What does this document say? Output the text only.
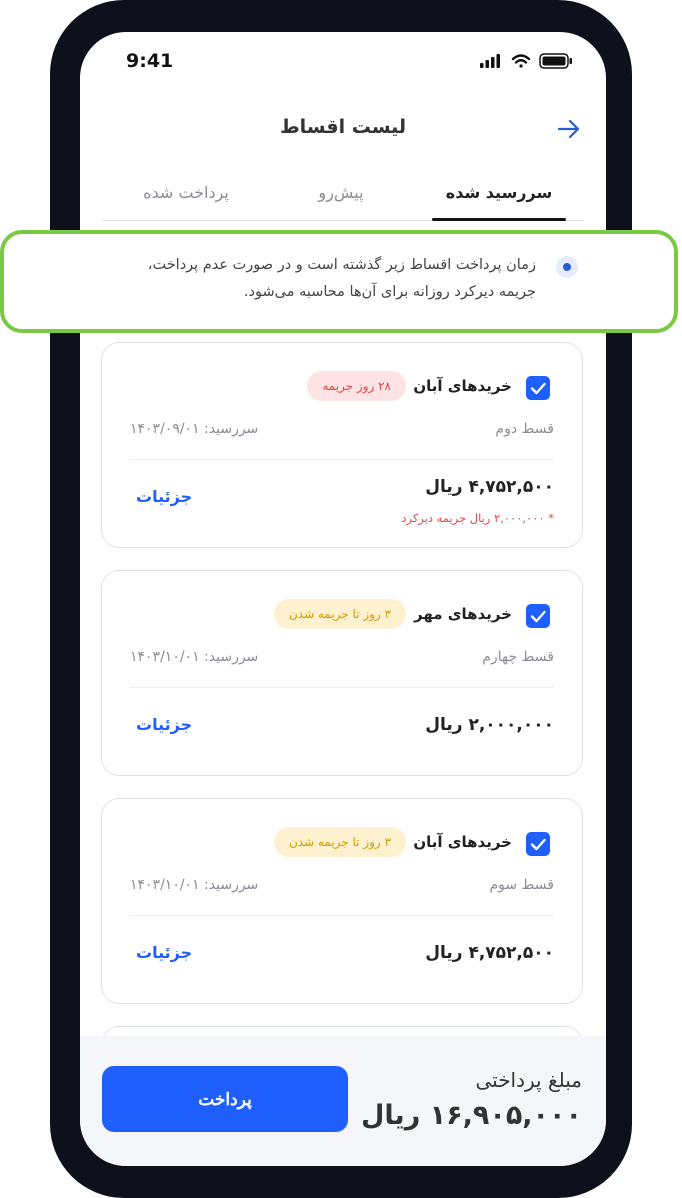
9:41
لیست اقساط
سررسید شده
پیش‌رو
پرداخت شده
خریدهای آبان
۲۸ روز جریمه
قسط دوم
سررسید: ۱۴۰۳/۰۹/۰۱
۴,۷۵۲,۵۰۰ ریال
جزئیات
* ۲,۰۰۰,۰۰۰ ریال جریمه دیرکرد
خریدهای مهر
۳ روز تا جریمه شدن
قسط چهارم
سررسید: ۱۴۰۳/۱۰/۰۱
۲,۰۰۰,۰۰۰ ریال
جزئیات
خریدهای آبان
۳ روز تا جریمه شدن
قسط سوم
سررسید: ۱۴۰۳/۱۰/۰۱
۴,۷۵۲,۵۰۰ ریال
جزئیات
مبلغ پرداختی
۱۶,۹۰۵,۰۰۰ ریال
پرداخت
زمان پرداخت اقساط زیر گذشته است و در صورت عدم پرداخت، جریمه دیرکرد روزانه برای آن‌ها محاسبه می‌شود.
